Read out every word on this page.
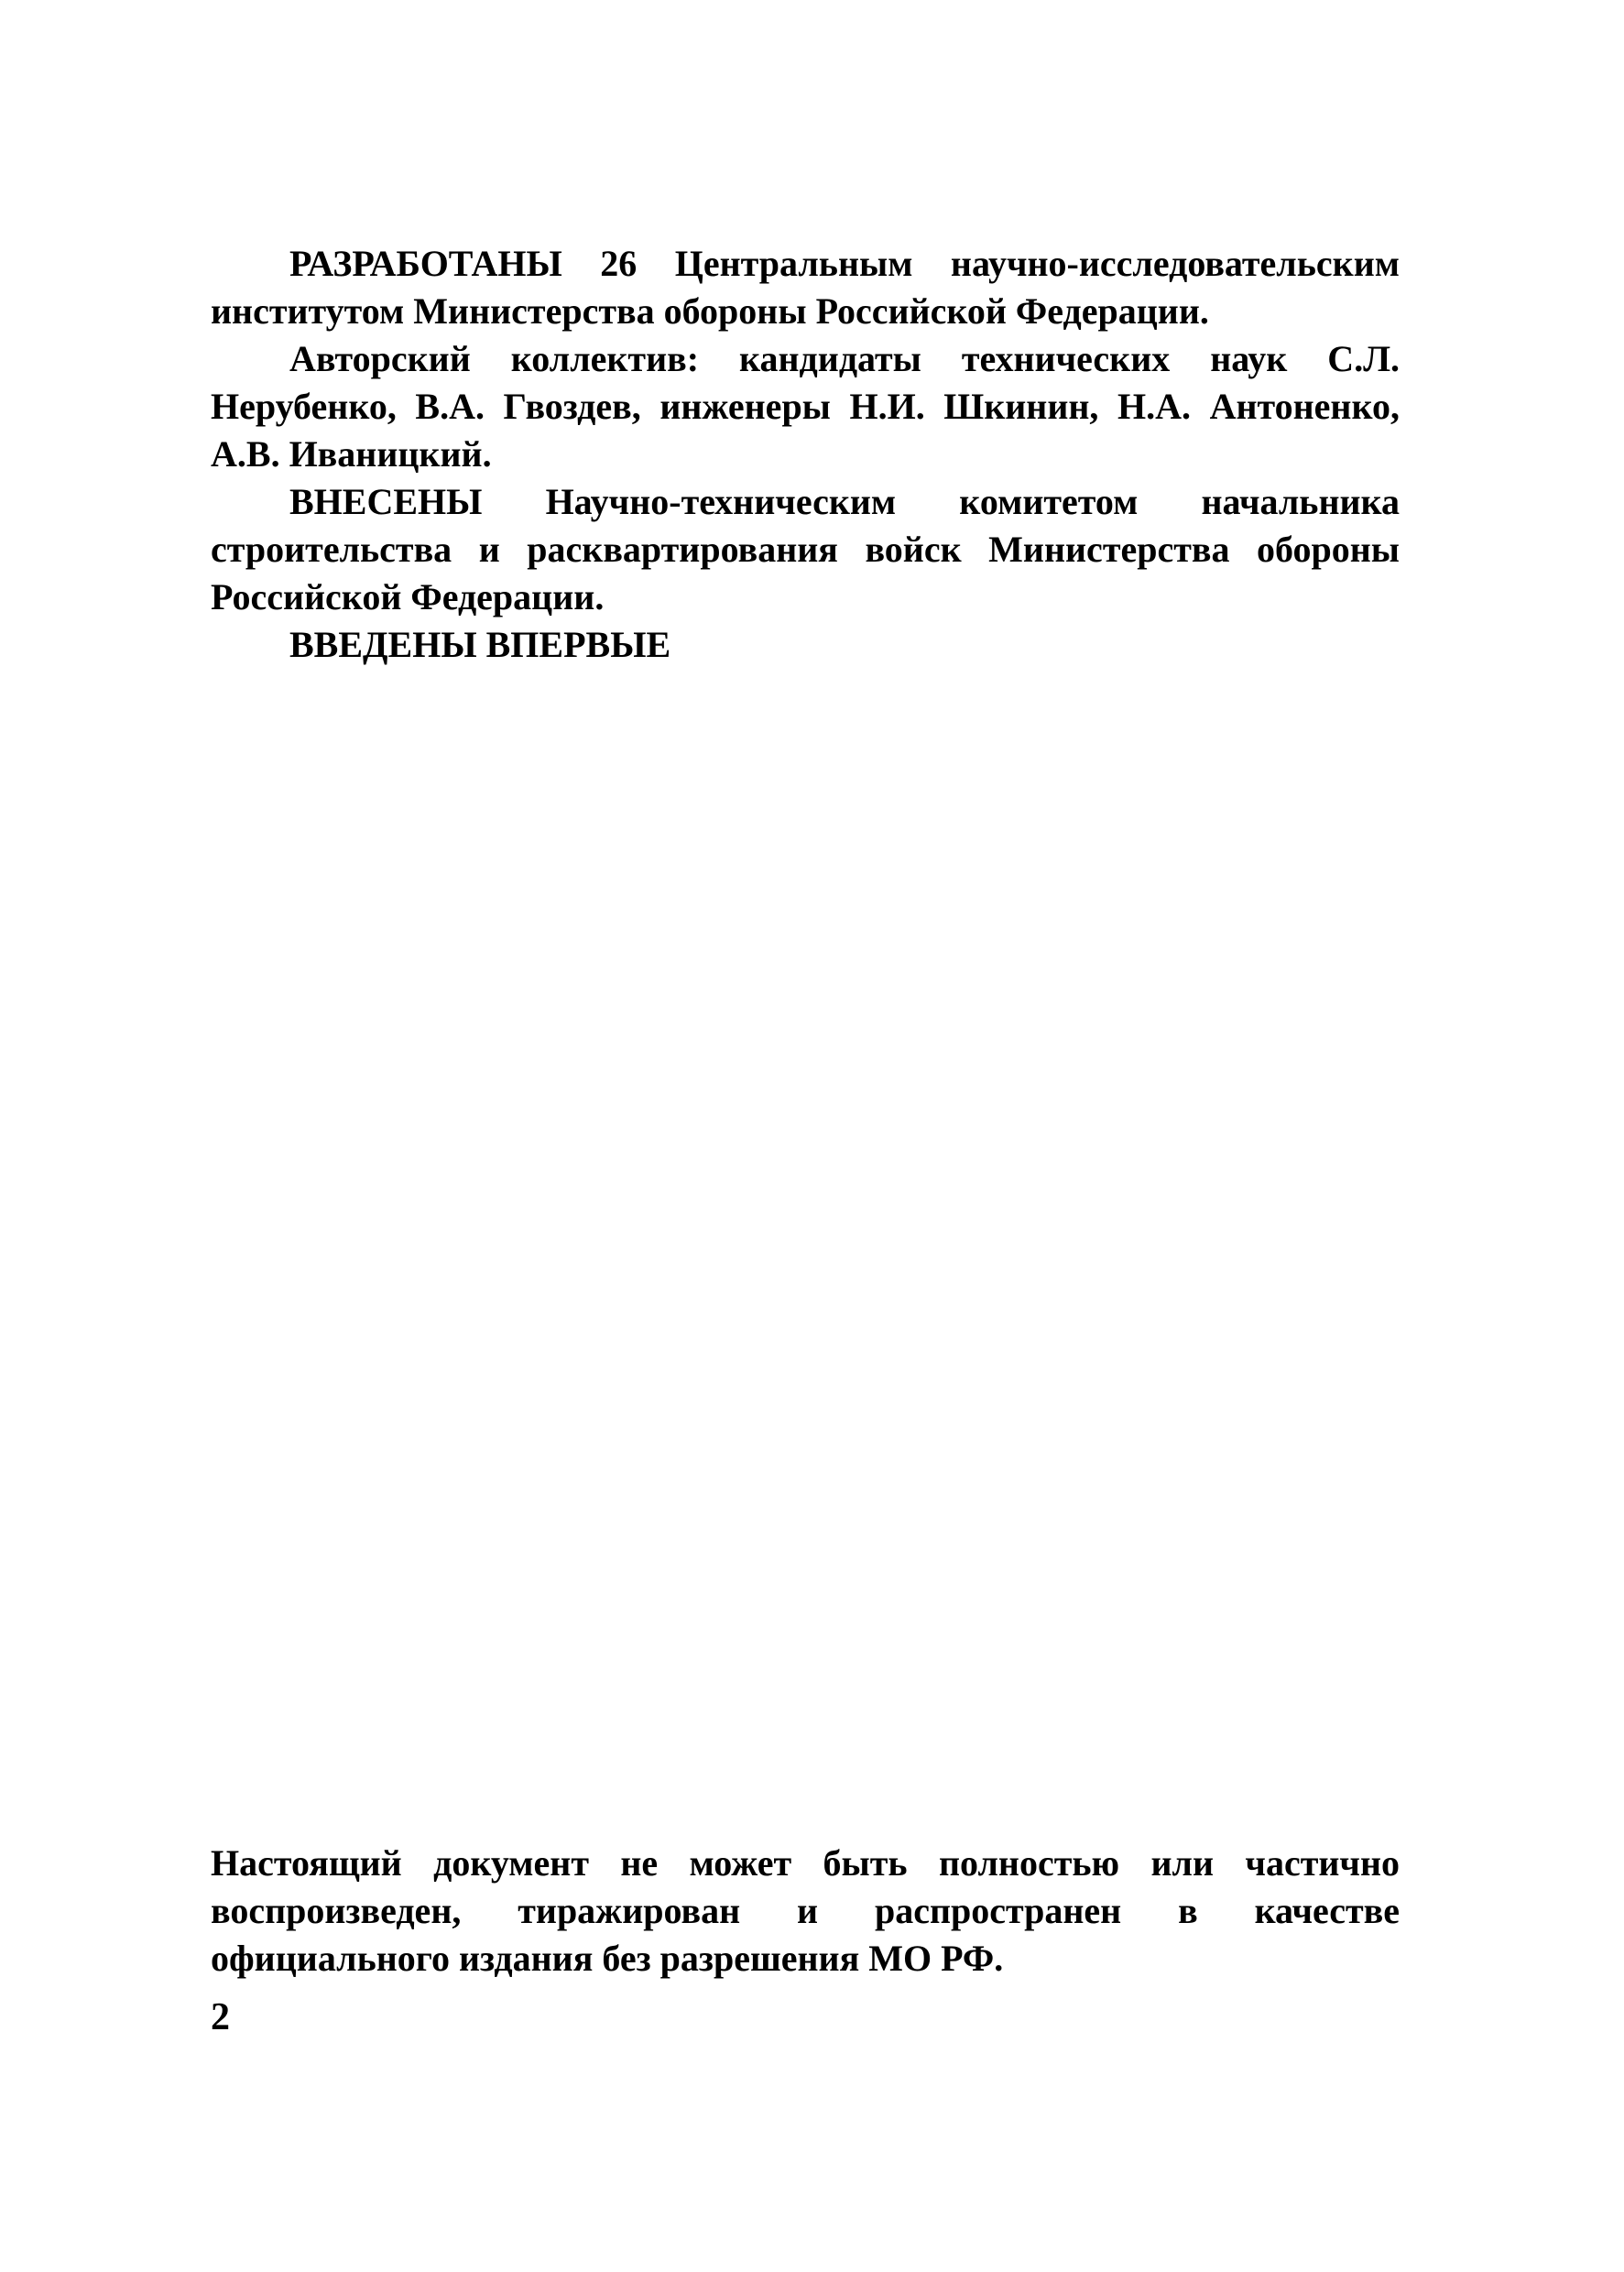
РАЗРАБОТАНЫ 26 Центральным научно-исследовательским институтом Министерства обороны Российской Федерации.

Авторский коллектив: кандидаты технических наук С.Л. Нерубенко, В.А. Гвоздев, инженеры Н.И. Шкинин, Н.А. Антоненко, А.В. Иваницкий.

ВНЕСЕНЫ Научно-техническим комитетом начальника строительства и расквартирования войск Министерства обороны Российской Федерации.

ВВЕДЕНЫ ВПЕРВЫЕ

Настоящий документ не может быть полностью или частично воспроизведен, тиражирован и распространен в качестве официального издания без разрешения МО РФ.

2
